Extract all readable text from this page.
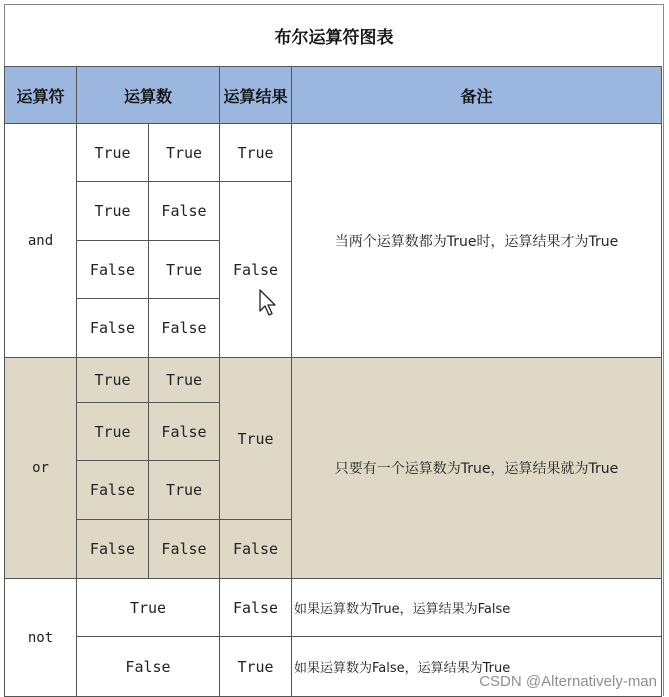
布尔运算符图表
运算符	运算数		运算结果	备注
and	True	True	True	当两个运算数都为True时，运算结果才为True
	True	False	False	
	False	True		
	False	False		
or	True	True	True	只要有一个运算数为True，运算结果就为True
	True	False		
	False	True		
	False	False	False	
not	True		False	如果运算数为True，运算结果为False
	False		True	如果运算数为False，运算结果为True
CSDN @Alternatively-man
